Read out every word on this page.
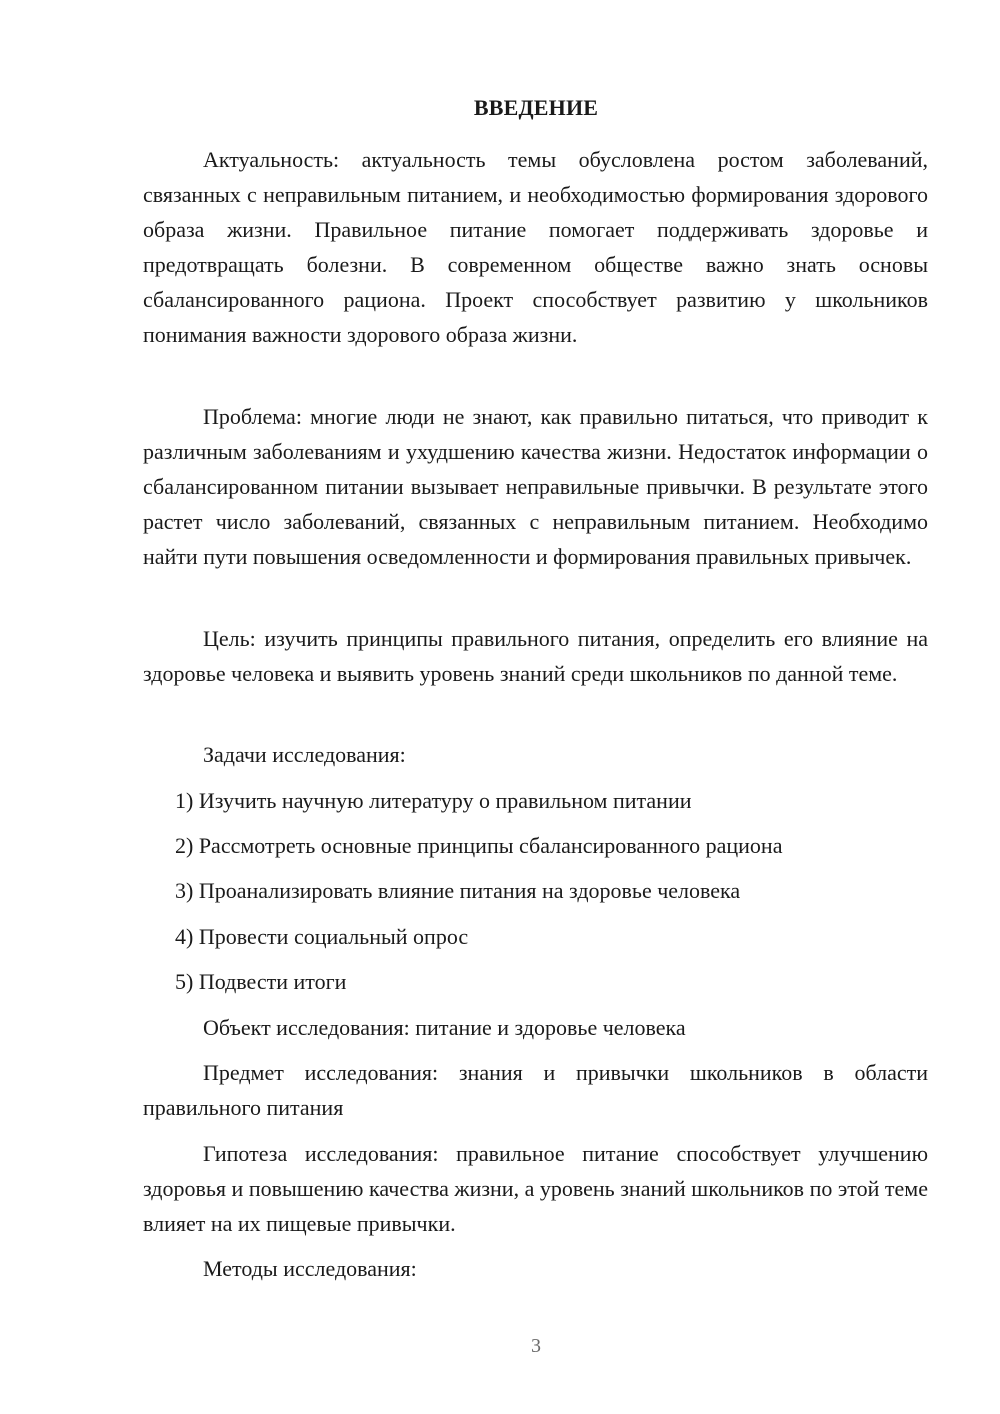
ВВЕДЕНИЕ

Актуальность: актуальность темы обусловлена ростом заболеваний, связанных с неправильным питанием, и необходимостью формирования здорового образа жизни. Правильное питание помогает поддерживать здоровье и предотвращать болезни. В современном обществе важно знать основы сбалансированного рациона. Проект способствует развитию у школьников понимания важности здорового образа жизни.

Проблема: многие люди не знают, как правильно питаться, что приводит к различным заболеваниям и ухудшению качества жизни. Недостаток информации о сбалансированном питании вызывает неправильные привычки. В результате этого растет число заболеваний, связанных с неправильным питанием. Необходимо найти пути повышения осведомленности и формирования правильных привычек.

Цель: изучить принципы правильного питания, определить его влияние на здоровье человека и выявить уровень знаний среди школьников по данной теме.

Задачи исследования:

1) Изучить научную литературу о правильном питании

2) Рассмотреть основные принципы сбалансированного рациона

3) Проанализировать влияние питания на здоровье человека

4) Провести социальный опрос

5) Подвести итоги

Объект исследования: питание и здоровье человека

Предмет исследования: знания и привычки школьников в области правильного питания

Гипотеза исследования: правильное питание способствует улучшению здоровья и повышению качества жизни, а уровень знаний школьников по этой теме влияет на их пищевые привычки.

Методы исследования:

3
